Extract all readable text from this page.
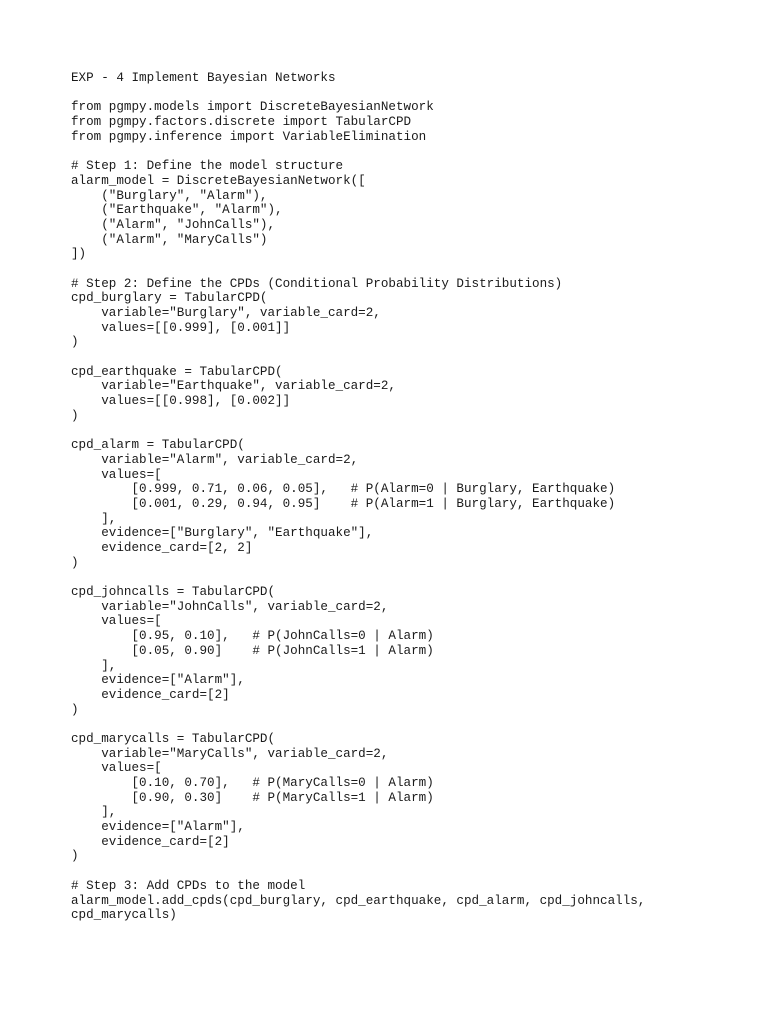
EXP - 4 Implement Bayesian Networks
from pgmpy.models import DiscreteBayesianNetwork
from pgmpy.factors.discrete import TabularCPD
from pgmpy.inference import VariableElimination
# Step 1: Define the model structure
alarm_model = DiscreteBayesianNetwork([
("Burglary", "Alarm"),
("Earthquake", "Alarm"),
("Alarm", "JohnCalls"),
("Alarm", "MaryCalls")
])
# Step 2: Define the CPDs (Conditional Probability Distributions)
cpd_burglary = TabularCPD(
variable="Burglary", variable_card=2,
values=[[0.999], [0.001]]
)
cpd_earthquake = TabularCPD(
variable="Earthquake", variable_card=2,
values=[[0.998], [0.002]]
)
cpd_alarm = TabularCPD(
variable="Alarm", variable_card=2,
values=[
[0.999, 0.71, 0.06, 0.05],   # P(Alarm=0 | Burglary, Earthquake)
[0.001, 0.29, 0.94, 0.95]    # P(Alarm=1 | Burglary, Earthquake)
],
evidence=["Burglary", "Earthquake"],
evidence_card=[2, 2]
)
cpd_johncalls = TabularCPD(
variable="JohnCalls", variable_card=2,
values=[
[0.95, 0.10],   # P(JohnCalls=0 | Alarm)
[0.05, 0.90]    # P(JohnCalls=1 | Alarm)
],
evidence=["Alarm"],
evidence_card=[2]
)
cpd_marycalls = TabularCPD(
variable="MaryCalls", variable_card=2,
values=[
[0.10, 0.70],   # P(MaryCalls=0 | Alarm)
[0.90, 0.30]    # P(MaryCalls=1 | Alarm)
],
evidence=["Alarm"],
evidence_card=[2]
)
# Step 3: Add CPDs to the model
alarm_model.add_cpds(cpd_burglary, cpd_earthquake, cpd_alarm, cpd_johncalls,
cpd_marycalls)
